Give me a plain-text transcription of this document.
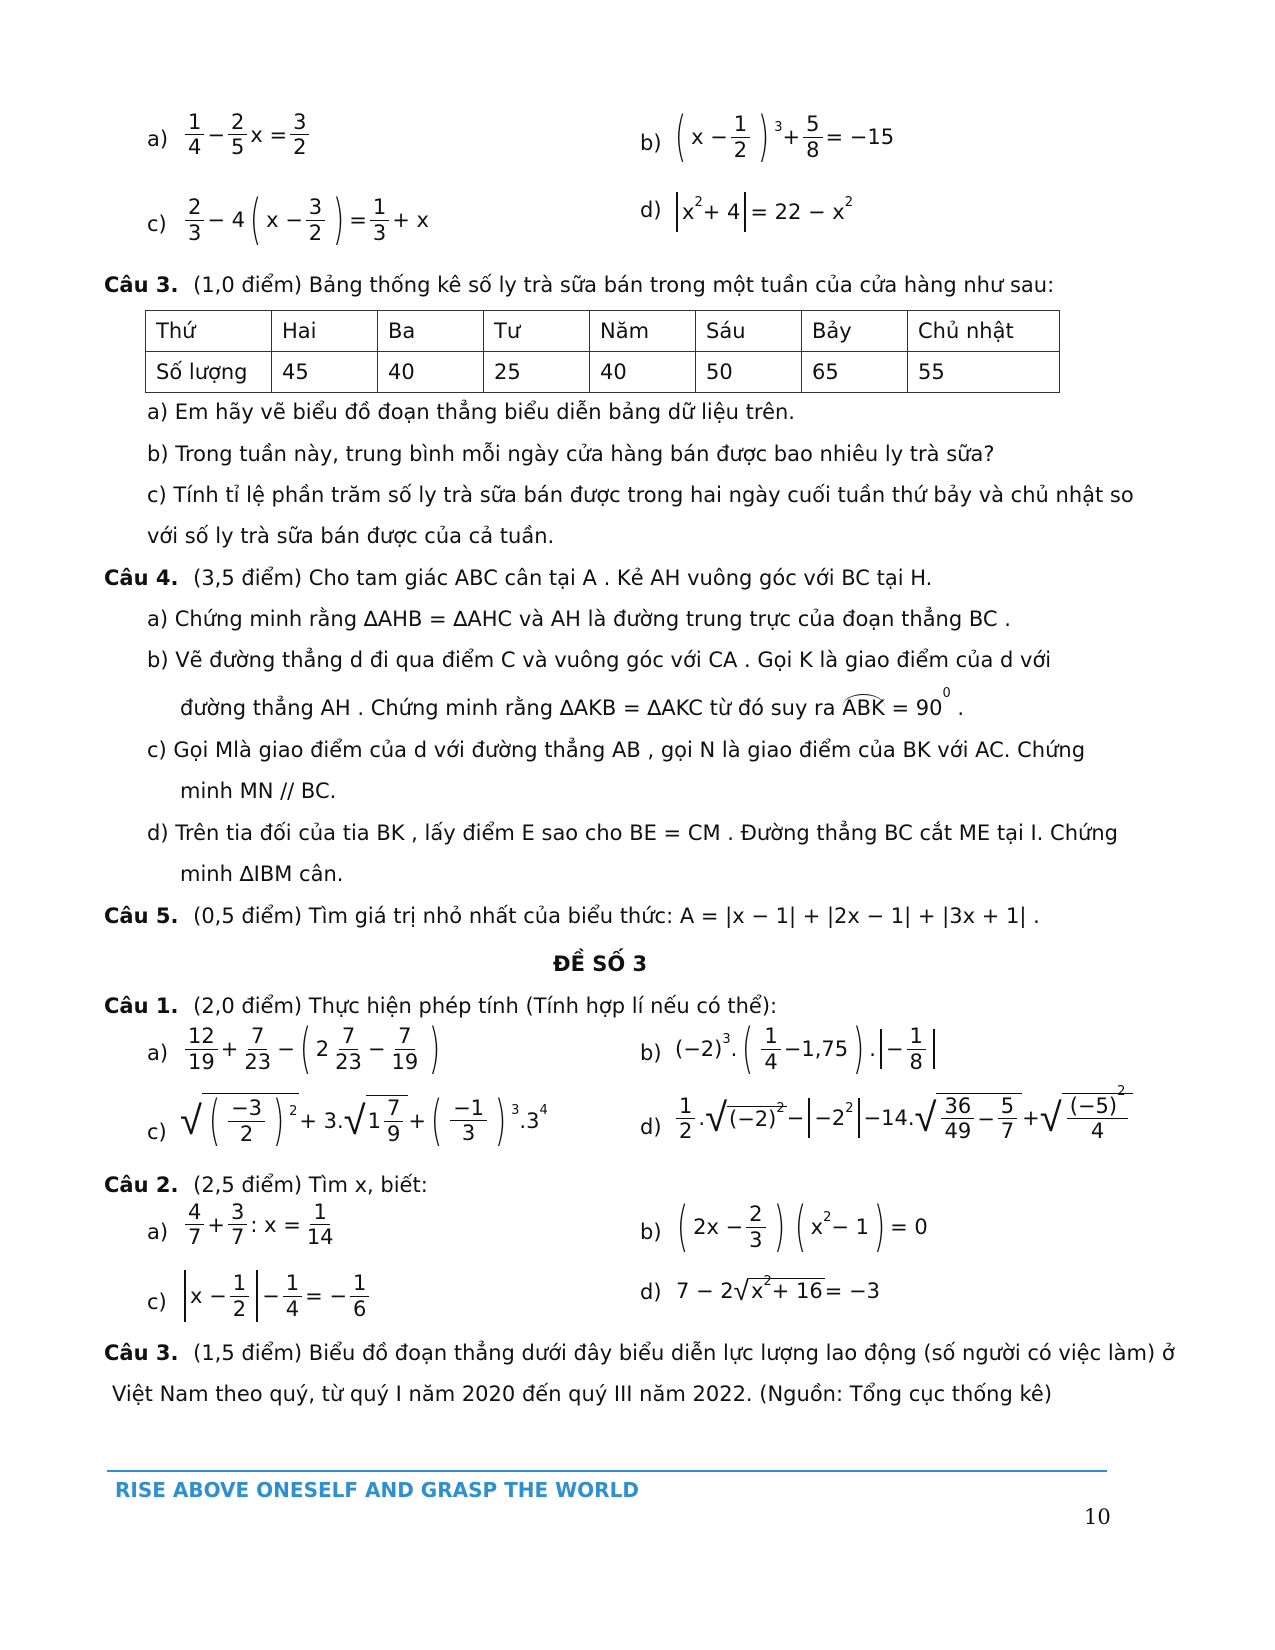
$a) \frac{1}{4} - \frac{2}{5}$ $x = \frac{3}{2}$	b) ( $x - \frac{1}{2}$ ) $3 + \frac{5}{8} = -15$
$c) \frac{2}{3} - 4$ ( $x - \frac{3}{2}$ ) = $\frac{1}{3} + x$	d) x 2 + 4
= 22 − x 2
Câu 3. (1,0 điểm) Bảng thống kê số ly trà sữa bán trong một tuần của cửa hàng như sau:
Thứ	Hai	Ba	Tư	Năm	Sáu	Bảy	Chủ nhật
Số lượng	45	40	25	40	50	65	55
a) Em hãy vẽ biểu đồ đoạn thẳng biểu diễn bảng dữ liệu trên.
b) Trong tuần này, trung bình mỗi ngày cửa hàng bán được bao nhiêu ly trà sữa?
c) Tính tỉ lệ phần trăm số ly trà sữa bán được trong hai ngày cuối tuần thứ bảy và chủ nhật so
với số ly trà sữa bán được của cả tuần.
Câu 4. (3,5 điểm) Cho tam giác ABC cân tại A . Kẻ AH vuông góc với BC tại H.
a) Chứng minh rằng ∆AHB = ∆AHC và AH là đường trung trực của đoạn thẳng BC .
b) Vẽ đường thẳng d đi qua điểm C và vuông góc với CA . Gọi K là giao điểm của d với
đường thẳng AH . Chứng minh rằng ∆AKB = ∆AKC từ đó suy ra ABK = $90^0$ .
c) Gọi Mlà giao điểm của d với đường thẳng AB , gọi N là giao điểm của BK với AC. Chứng
minh MN // BC.
d) Trên tia đối của tia BK , lấy điểm E sao cho BE = CM . Đường thẳng BC cắt ME tại I. Chứng
minh ∆IBM cân.
Câu 5. (0,5 điểm) Tìm giá trị nhỏ nhất của biểu thức: A = |x − 1| + |2x − 1| + |3x + 1| .
ĐỀ SỐ 3
Câu 1. (2,0 điểm) Thực hiện phép tính (Tính hợp lí nếu có thể):
$a) \frac{12}{19} + \frac{7}{23}$ − ( $2 \frac{7}{23} - \frac{7}{19}$ )	b) (−2) 3 . ( $\frac{1}{4} -1,75$ ) . − $\frac{1}{8}$
c) √ ( $\frac{-3}{2}$ ) 2 + 3. √ $1 \frac{7}{9}$ + ( $\frac{-1}{3}$ ) 3 .3 4
$d) \frac{1}{2}$ . √ (−2) 2 − −2 2 −14. √ $\frac{36}{49} - \frac{5}{7}$ + √ $\frac{(-5)^2}{4}$
Câu 2. (2,5 điểm) Tìm x, biết:
$a) \frac{4}{7} + \frac{3}{7}$ : $x = \frac{1}{14}$	b) ( $2x - \frac{2}{3}$ ) ( x 2 − 1 ) = 0
c)	$x - \frac{1}{2} - \frac{1}{4}$ = − $\frac{1}{6}$	d) 7 − 2 √ x 2 + 16 = −3
Câu 3. (1,5 điểm) Biểu đồ đoạn thẳng dưới đây biểu diễn lực lượng lao động (số người có việc làm) ở
Việt Nam theo quý, từ quý I năm 2020 đến quý III năm 2022. (Nguồn: Tổng cục thống kê)
RISE ABOVE ONESELF AND GRASP THE WORLD
10
